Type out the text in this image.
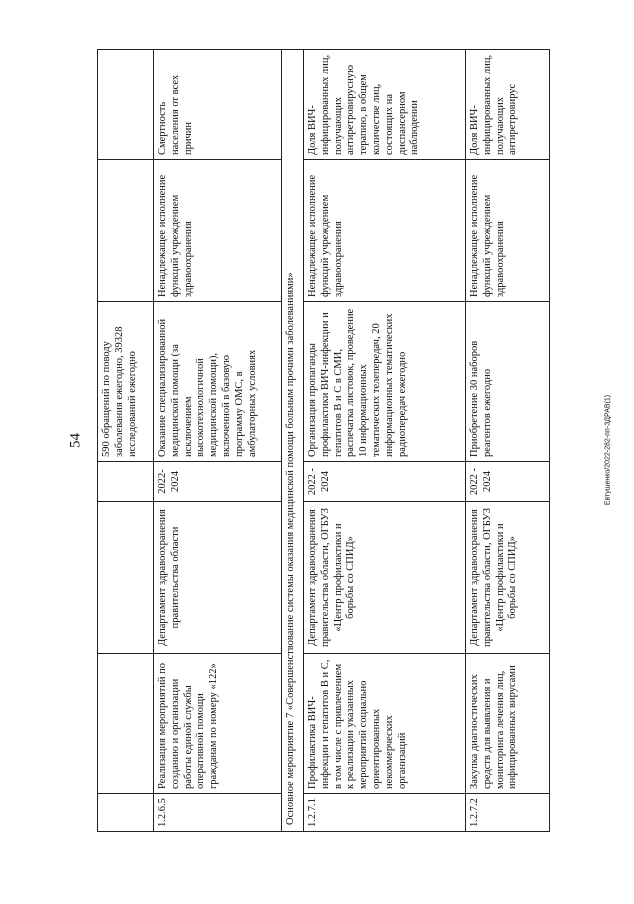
54	Евтушенко/2022-282-пп-ЗДРАВ(1)
				590 обращений по поводу заболевания ежегодно, 39328 исследований ежегодно		
1.2.6.5	Реализация мероприятий по созданию и организации работы единой службы оперативной помощи гражданам по номеру «122»	Департамент здравоохранения правительства области	2022-2024	Оказание специализированной медицинской помощи (за исключением высокотехнологичной медицинской помощи), включенной в базовую программу ОМС, в амбулаторных условиях	Ненадлежащее исполнение функций учреждением здравоохранения	Смертность населения от всех причин
Основное мероприятие 7 «Совершенствование системы оказания медицинской помощи больным прочими заболеваниями»						
1.2.7.1	Профилактика ВИЧ-инфекции и гепатитов В и С, в том числе с привлечением к реализации указанных мероприятий социально ориентированных некоммерческих организаций	Департамент здравоохранения правительства области, ОГБУЗ «Центр профилактики и борьбы со СПИД»	2022 - 2024	Организация пропаганды профилактики ВИЧ-инфекции и гепатитов В и С в СМИ, распечатка листовок, проведение 10 информационных тематических телепередач, 20 информационных тематических радиопередач ежегодно	Ненадлежащее исполнение функций учреждением здравоохранения	Доля ВИЧ-инфицированных лиц, получающих антиретровирусную терапию, в общем количестве лиц, состоящих на диспансерном наблюдении
1.2.7.2	Закупка диагностических средств для выявления и мониторинга лечения лиц, инфицированных вирусами	Департамент здравоохранения правительства области, ОГБУЗ «Центр профилактики и борьбы со СПИД»	2022 - 2024	Приобретение 30 наборов реагентов ежегодно	Ненадлежащее исполнение функций учреждением здравоохранения	Доля ВИЧ-инфицированных лиц, получающих антиретровирус
